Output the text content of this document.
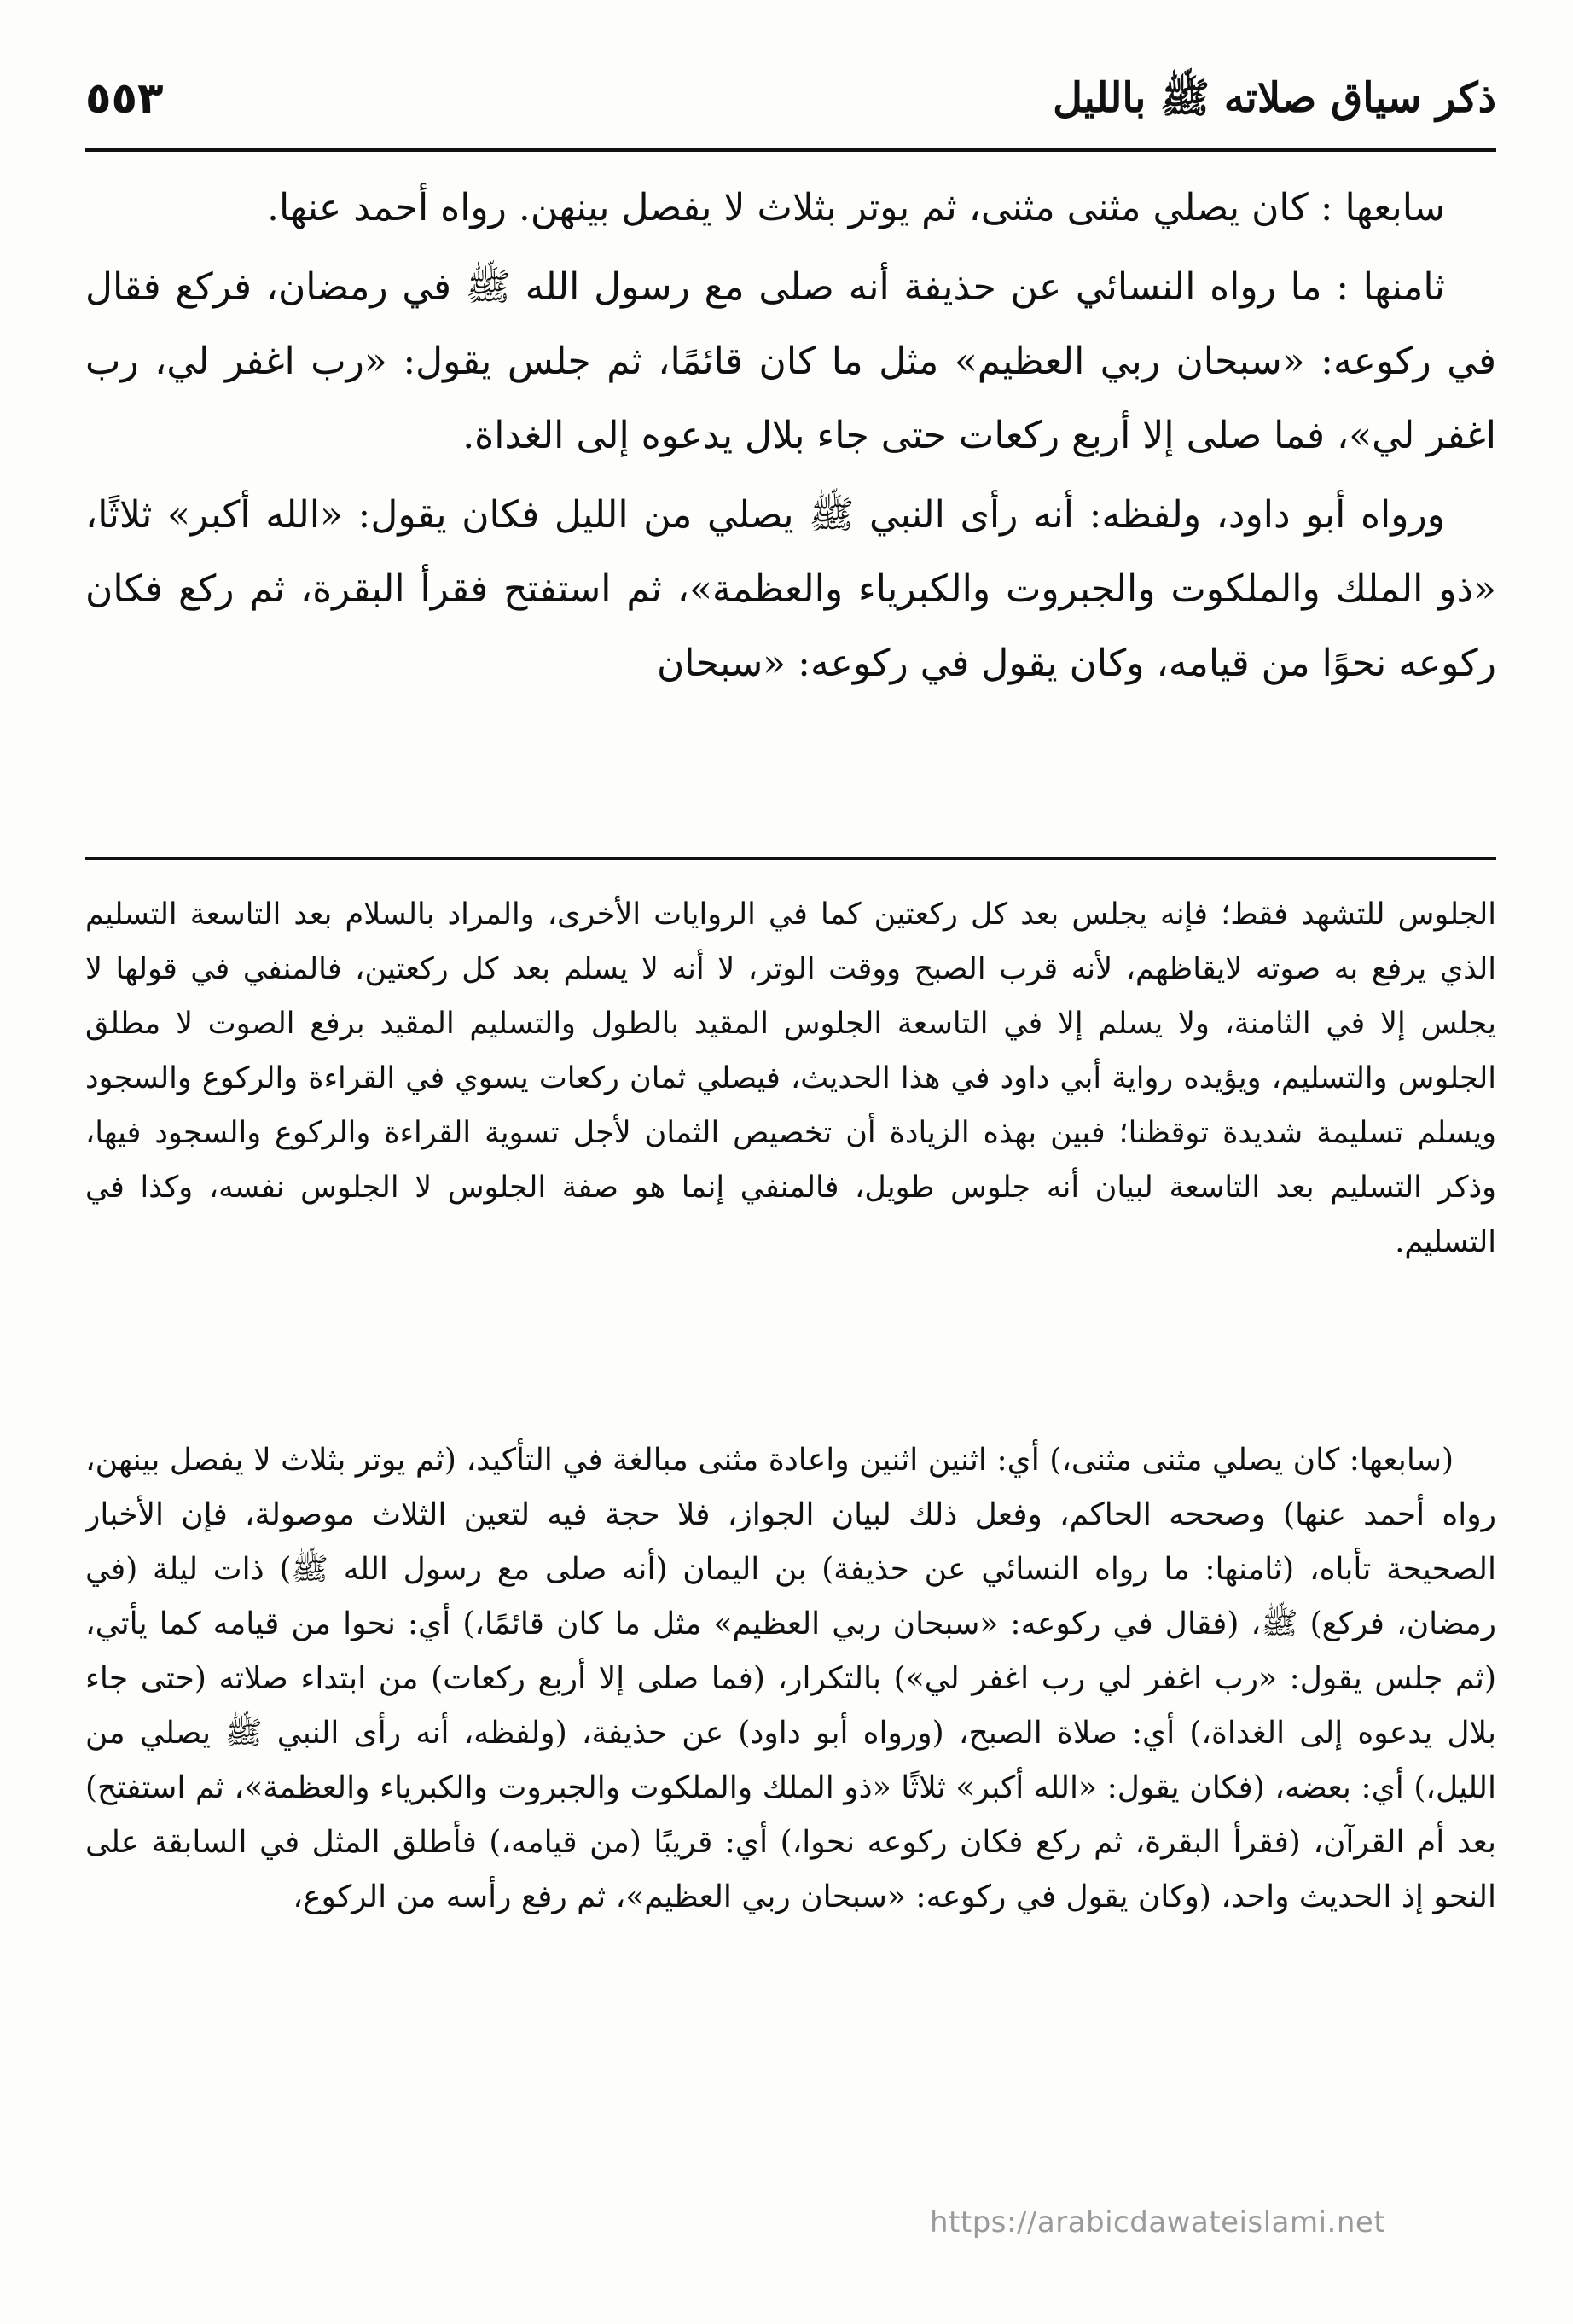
ذكر سياق صلاته ﷺ بالليل
٥٥٣

سابعها : كان يصلي مثنى مثنى، ثم يوتر بثلاث لا يفصل بينهن. رواه أحمد عنها.

ثامنها : ما رواه النسائي عن حذيفة أنه صلى مع رسول الله ﷺ في رمضان، فركع فقال في ركوعه: «سبحان ربي العظيم» مثل ما كان قائمًا، ثم جلس يقول: «رب اغفر لي، رب اغفر لي»، فما صلى إلا أربع ركعات حتى جاء بلال يدعوه إلى الغداة.

ورواه أبو داود، ولفظه: أنه رأى النبي ﷺ يصلي من الليل فكان يقول: «الله أكبر» ثلاثًا، «ذو الملك والملكوت والجبروت والكبرياء والعظمة»، ثم استفتح فقرأ البقرة، ثم ركع فكان ركوعه نحوًا من قيامه، وكان يقول في ركوعه: «سبحان

الجلوس للتشهد فقط؛ فإنه يجلس بعد كل ركعتين كما في الروايات الأخرى، والمراد بالسلام بعد التاسعة التسليم الذي يرفع به صوته لايقاظهم، لأنه قرب الصبح ووقت الوتر، لا أنه لا يسلم بعد كل ركعتين، فالمنفي في قولها لا يجلس إلا في الثامنة، ولا يسلم إلا في التاسعة الجلوس المقيد بالطول والتسليم المقيد برفع الصوت لا مطلق الجلوس والتسليم، ويؤيده رواية أبي داود في هذا الحديث، فيصلي ثمان ركعات يسوي في القراءة والركوع والسجود ويسلم تسليمة شديدة توقظنا؛ فبين بهذه الزيادة أن تخصيص الثمان لأجل تسوية القراءة والركوع والسجود فيها، وذكر التسليم بعد التاسعة لبيان أنه جلوس طويل، فالمنفي إنما هو صفة الجلوس لا الجلوس نفسه، وكذا في التسليم.

(سابعها: كان يصلي مثنى مثنى،) أي: اثنين اثنين واعادة مثنى مبالغة في التأكيد، (ثم يوتر بثلاث لا يفصل بينهن، رواه أحمد عنها) وصححه الحاكم، وفعل ذلك لبيان الجواز، فلا حجة فيه لتعين الثلاث موصولة، فإن الأخبار الصحيحة تأباه، (ثامنها: ما رواه النسائي عن حذيفة) بن اليمان (أنه صلى مع رسول الله ﷺ) ذات ليلة (في رمضان، فركع) ﷺ، (فقال في ركوعه: «سبحان ربي العظيم» مثل ما كان قائمًا،) أي: نحوا من قيامه كما يأتي، (ثم جلس يقول: «رب اغفر لي رب اغفر لي») بالتكرار، (فما صلى إلا أربع ركعات) من ابتداء صلاته (حتى جاء بلال يدعوه إلى الغداة،) أي: صلاة الصبح، (ورواه أبو داود) عن حذيفة، (ولفظه، أنه رأى النبي ﷺ يصلي من الليل،) أي: بعضه، (فكان يقول: «الله أكبر» ثلاثًا «ذو الملك والملكوت والجبروت والكبرياء والعظمة»، ثم استفتح) بعد أم القرآن، (فقرأ البقرة، ثم ركع فكان ركوعه نحوا،) أي: قريبًا (من قيامه،) فأطلق المثل في السابقة على النحو إذ الحديث واحد، (وكان يقول في ركوعه: «سبحان ربي العظيم»، ثم رفع رأسه من الركوع،

https://arabicdawateislami.net
